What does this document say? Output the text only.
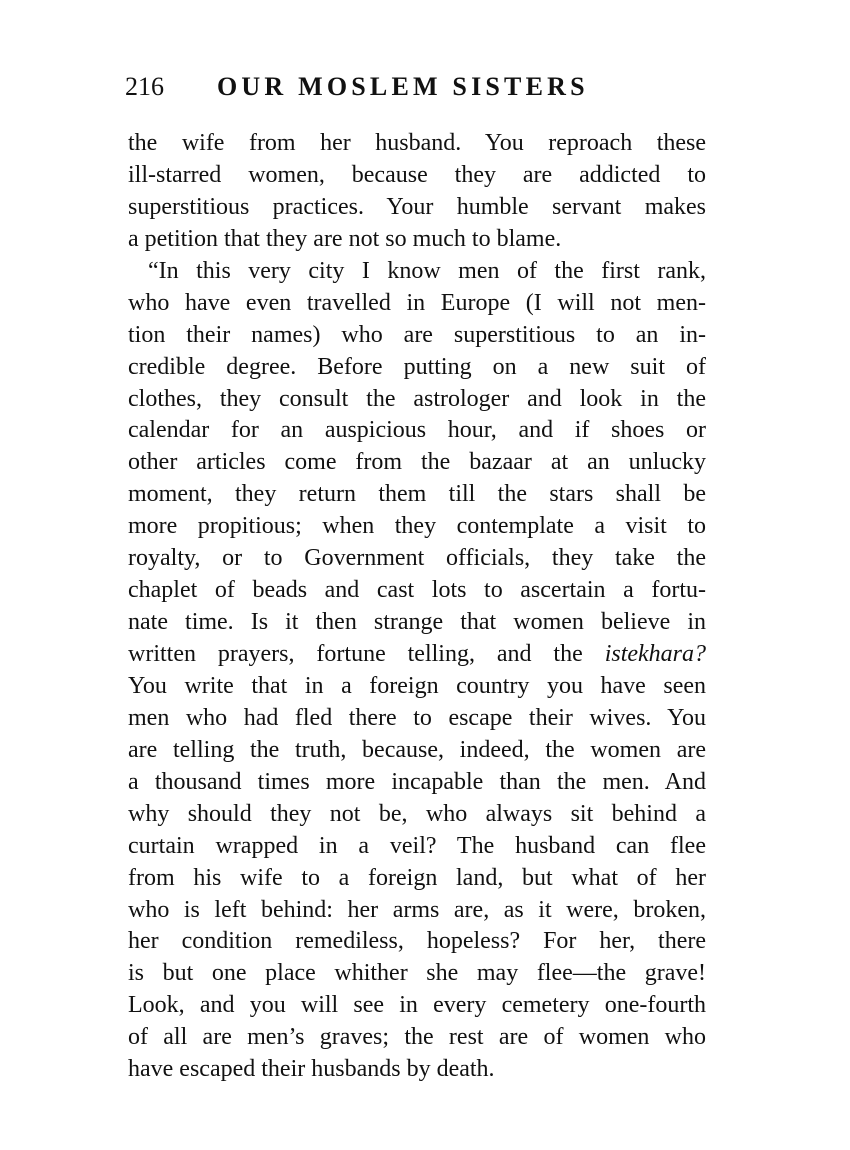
216 OUR MOSLEM SISTERS
the wife from her husband. You reproach these
ill-starred women, because they are addicted to
superstitious practices. Your humble servant makes
a petition that they are not so much to blame.
“In this very city I know men of the first rank,
who have even travelled in Europe (I will not men-
tion their names) who are superstitious to an in-
credible degree. Before putting on a new suit of
clothes, they consult the astrologer and look in the
calendar for an auspicious hour, and if shoes or
other articles come from the bazaar at an unlucky
moment, they return them till the stars shall be
more propitious; when they contemplate a visit to
royalty, or to Government officials, they take the
chaplet of beads and cast lots to ascertain a fortu-
nate time. Is it then strange that women believe in
written prayers, fortune telling, and the istekhara?
You write that in a foreign country you have seen
men who had fled there to escape their wives. You
are telling the truth, because, indeed, the women are
a thousand times more incapable than the men. And
why should they not be, who always sit behind a
curtain wrapped in a veil? The husband can flee
from his wife to a foreign land, but what of her
who is left behind: her arms are, as it were, broken,
her condition remediless, hopeless? For her, there
is but one place whither she may flee—the grave!
Look, and you will see in every cemetery one-fourth
of all are men’s graves; the rest are of women who
have escaped their husbands by death.
